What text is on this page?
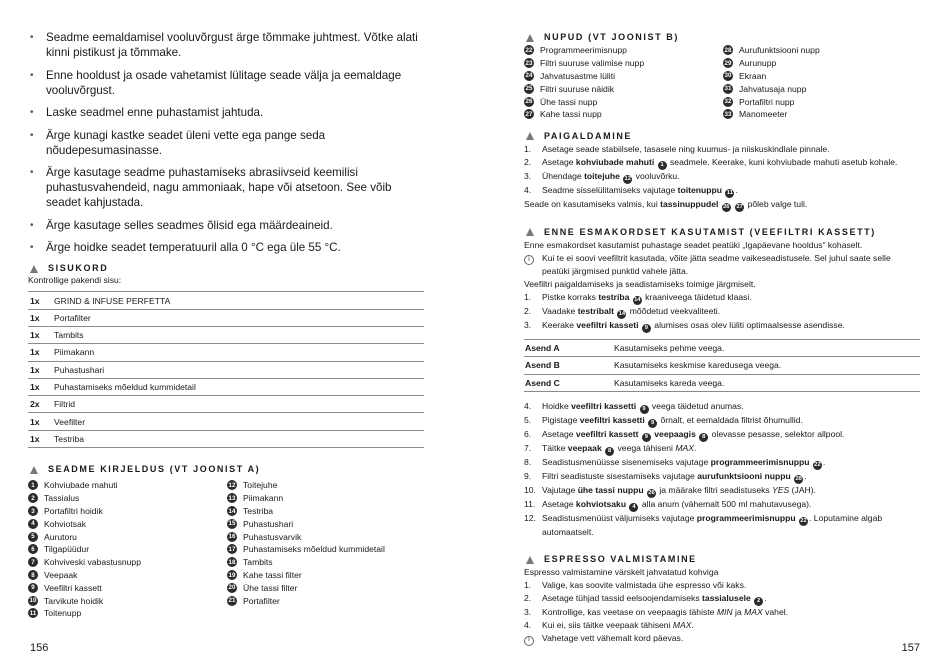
• Seadme eemaldamisel vooluvõrgust ärge tõmmake juhtmest. Võtke alati kinni pistikust ja tõmmake.
• Enne hooldust ja osade vahetamist lülitage seade välja ja eemaldage vooluvõrgust.
• Laske seadmel enne puhastamist jahtuda.
• Ärge kunagi kastke seadet üleni vette ega pange seda nõudepesumasinasse.
• Ärge kasutage seadme puhastamiseks abrasiivseid keemilisi puhastusvahendeid, nagu ammoniaak, hape või atsetoon. See võib seadet kahjustada.
• Ärge kasutage selles seadmes õlisid ega määrdeaineid.
• Ärge hoidke seadet temperatuuril alla 0 °C ega üle 55 °C.
SISUKORD
Kontrollige pakendi sisu:
1x	GRIND & INFUSE PERFETTA
1x	Portafilter
1x	Tambits
1x	Piimakann
1x	Puhastushari
1x	Puhastamiseks mõeldud kummidetail
2x	Filtrid
1x	Veefilter
1x	Testriba
SEADME KIRJELDUS (VT JOONIST A)
1	Kohviubade mahuti
2	Tassialus
3	Portafiltri hoidik
4	Kohviotsak
5	Aurutoru
6	Tilgapüüdur
7	Kohviveski vabastusnupp
8	Veepaak
9	Veefiltri kassett
10 Tarvikute hoidik
11 Toitenupp
12 Toitejuhe
13 Piimakann
14 Testriba
15 Puhastushari
16 Puhastusvarvik
17 Puhastamiseks mõeldud kummidetail
18 Tambits
19 Kahe tassi filter
20 Ühe tassi filter
21 Portafilter
156
NUPUD (VT JOONIST B)
22 Programmeerimisnupp
23 Filtri suuruse valimise nupp
24 Jahvatusastme lüliti
25 Filtri suuruse näidik
26 Ühe tassi nupp
27 Kahe tassi nupp
28 Aurufunktsiooni nupp
29 Aurunupp
30 Ekraan
31 Jahvatusaja nupp
32 Portafiltri nupp
33 Manomeeter
PAIGALDAMINE
1.	Asetage seade stabiilsele, tasasele ning kuumus- ja niiskuskindlale pinnale.
2.	Asetage kohviubade mahuti 1 seadmele. Keerake, kuni kohviubade mahuti asetub kohale.
3.	Ühendage toitejuhe 12 vooluvõrku.
4.	Seadme sisselülitamiseks vajutage toitenuppu 11 .
Seade on kasutamiseks valmis, kui tassinuppudel 26 27 põleb valge tuli.
ENNE ESMAKORDSET KASUTAMIST (VEEFILTRI KASSETT)
Enne esmakordset kasutamist puhastage seadet peatüki „Igapäevane hooldus“ kohaselt.
i	Kui te ei soovi veefiltrit kasutada, võite jätta seadme vaikeseadistusele. Sel juhul saate selle peatüki järgmised punktid vahele jätta.
Veefiltri paigaldamiseks ja seadistamiseks toimige järgmiselt.
1.	Pistke korraks testriba 14 kraaniveega täidetud klaasi.
2.	Vaadake testribalt 14 mõõdetud veekvaliteeti.
3.	Keerake veefiltri kasseti 9 alumises osas olev lüliti optimaalsesse asendisse.
Asend A	Kasutamiseks pehme veega.
Asend B	Kasutamiseks keskmise karedusega veega.
Asend C	Kasutamiseks kareda veega.
4.	Hoidke veefiltri kassetti 9 veega täidetud anumas.
5.	Pigistage veefiltri kassetti 9 õrnalt, et eemaldada filtrist õhumullid.
6.	Asetage veefiltri kassett 9 veepaagis 8 olevasse pesasse, selektor allpool.
7.	Täitke veepaak 8 veega tähiseni MAX.
8.	Seadistusmenüüsse sisenemiseks vajutage programmeerimisnuppu 22 .
9.	Filtri seadistuste sisestamiseks vajutage aurufunktsiooni nuppu 28 .
10. Vajutage ühe tassi nuppu 26 ja määrake filtri seadistuseks YES (JAH).
11. Asetage kohviotsaku 4 alla anum (vähemalt 500 ml mahutavusega).
12. Seadistusmenüüst väljumiseks vajutage programmeerimisnuppu 22 . Loputamine algab automaatselt.
ESPRESSO VALMISTAMINE
Espresso valmistamine värskelt jahvatatud kohviga
1.	Valige, kas soovite valmistada ühe espresso või kaks.
2.	Asetage tühjad tassid eelsoojendamiseks tassialusele 2 .
3.	Kontrollige, kas veetase on veepaagis tähiste MIN ja MAX vahel.
4.	Kui ei, siis täitke veepaak tähiseni MAX.
i	Vahetage vett vähemalt kord päevas.
157
